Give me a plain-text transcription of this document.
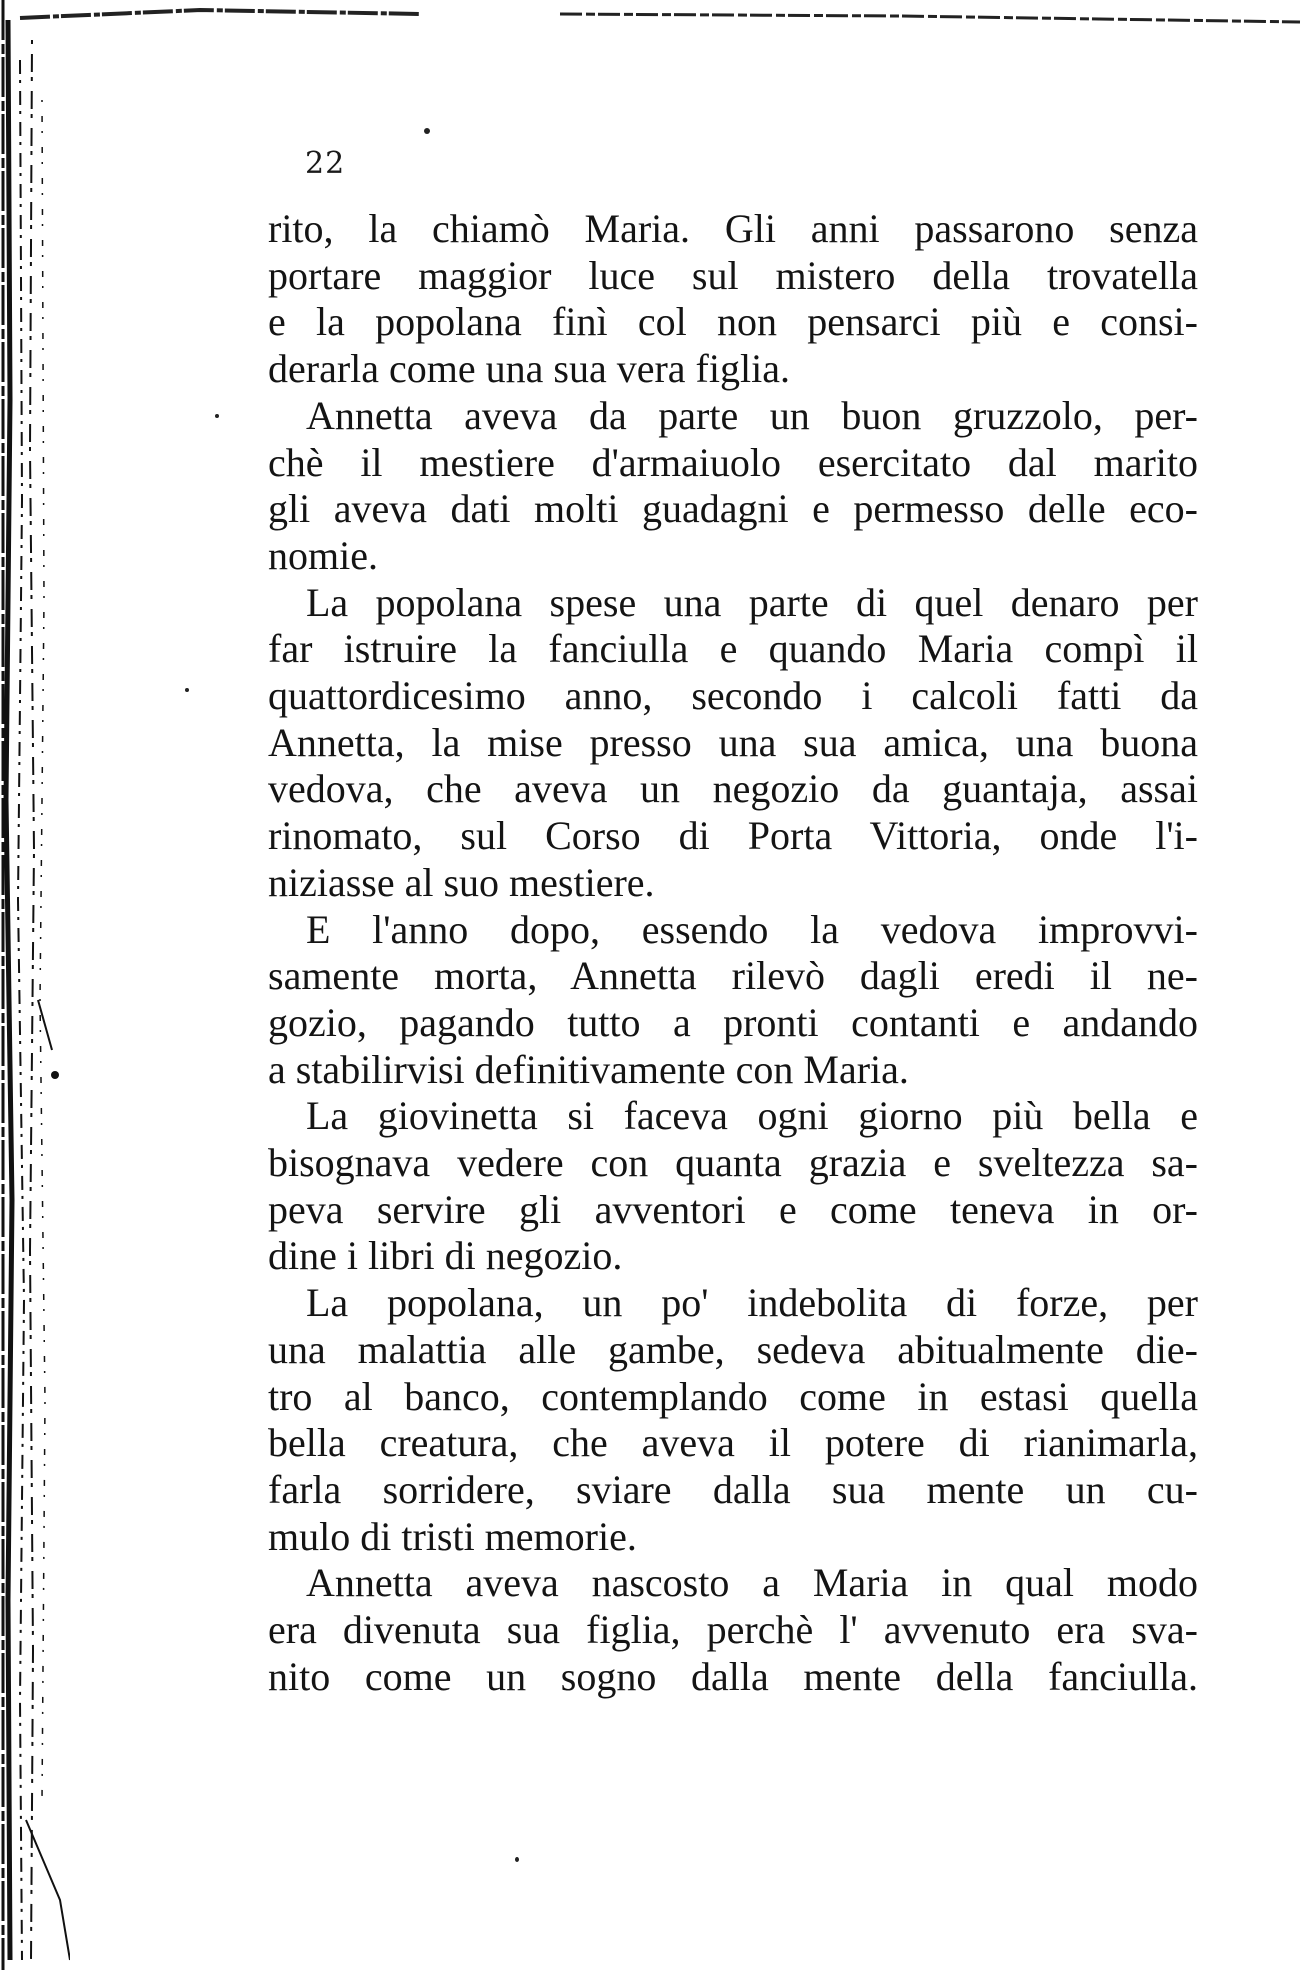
22
rito, la chiamò Maria. Gli anni passarono senza
portare maggior luce sul mistero della trovatella
e la popolana finì col non pensarci più e consi-
derarla come una sua vera figlia.
Annetta aveva da parte un buon gruzzolo, per-
chè il mestiere d'armaiuolo esercitato dal marito
gli aveva dati molti guadagni e permesso delle eco-
nomie.
La popolana spese una parte di quel denaro per
far istruire la fanciulla e quando Maria compì il
quattordicesimo anno, secondo i calcoli fatti da
Annetta, la mise presso una sua amica, una buona
vedova, che aveva un negozio da guantaja, assai
rinomato, sul Corso di Porta Vittoria, onde l'i-
niziasse al suo mestiere.
E l'anno dopo, essendo la vedova improvvi-
samente morta, Annetta rilevò dagli eredi il ne-
gozio, pagando tutto a pronti contanti e andando
a stabilirvisi definitivamente con Maria.
La giovinetta si faceva ogni giorno più bella e
bisognava vedere con quanta grazia e sveltezza sa-
peva servire gli avventori e come teneva in or-
dine i libri di negozio.
La popolana, un po' indebolita di forze, per
una malattia alle gambe, sedeva abitualmente die-
tro al banco, contemplando come in estasi quella
bella creatura, che aveva il potere di rianimarla,
farla sorridere, sviare dalla sua mente un cu-
mulo di tristi memorie.
Annetta aveva nascosto a Maria in qual modo
era divenuta sua figlia, perchè l' avvenuto era sva-
nito come un sogno dalla mente della fanciulla.
